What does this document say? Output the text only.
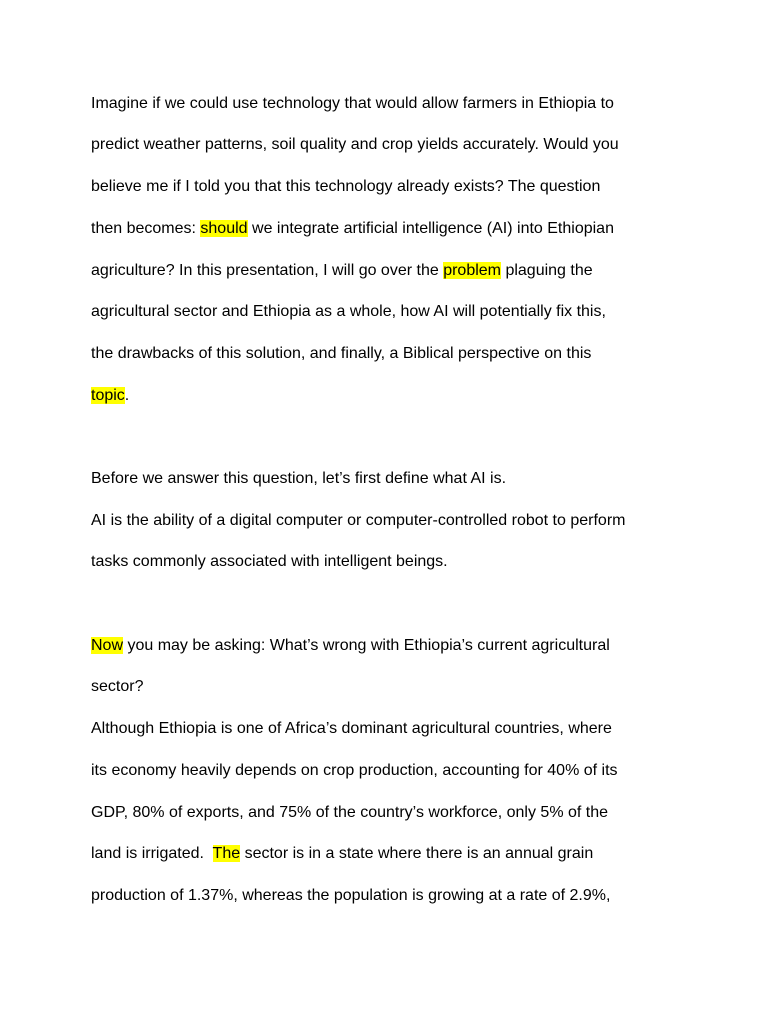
Imagine if we could use technology that would allow farmers in Ethiopia to
predict weather patterns, soil quality and crop yields accurately. Would you
believe me if I told you that this technology already exists? The question
then becomes: should we integrate artificial intelligence (AI) into Ethiopian
agriculture? In this presentation, I will go over the problem plaguing the
agricultural sector and Ethiopia as a whole, how AI will potentially fix this,
the drawbacks of this solution, and finally, a Biblical perspective on this
topic.
Before we answer this question, let’s first define what AI is.
AI is the ability of a digital computer or computer-controlled robot to perform
tasks commonly associated with intelligent beings.
Now you may be asking: What’s wrong with Ethiopia’s current agricultural
sector?
Although Ethiopia is one of Africa’s dominant agricultural countries, where
its economy heavily depends on crop production, accounting for 40% of its
GDP, 80% of exports, and 75% of the country’s workforce, only 5% of the
land is irrigated.  The sector is in a state where there is an annual grain
production of 1.37%, whereas the population is growing at a rate of 2.9%,
